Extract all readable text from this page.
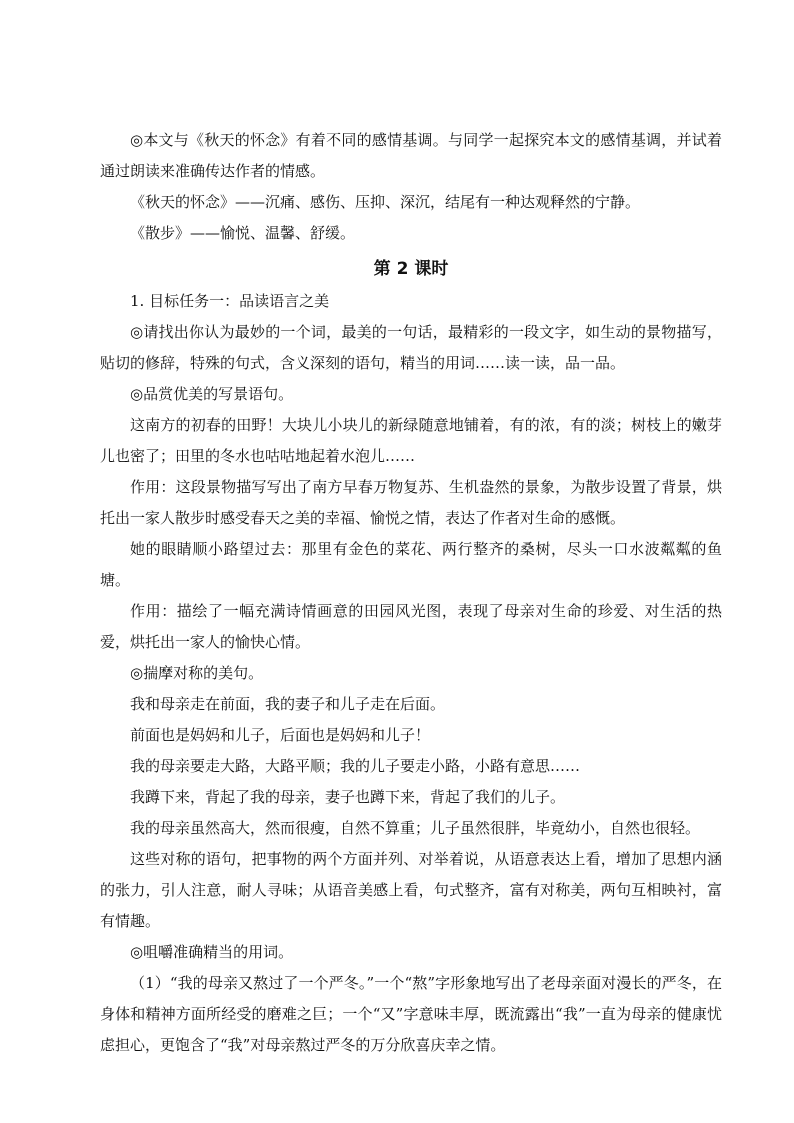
◎本文与《秋天的怀念》有着不同的感情基调。与同学一起探究本文的感情基调，并试着通过朗读来准确传达作者的情感。

《秋天的怀念》——沉痛、感伤、压抑、深沉，结尾有一种达观释然的宁静。

《散步》——愉悦、温馨、舒缓。

第 2 课时

1. 目标任务一：品读语言之美

◎请找出你认为最妙的一个词，最美的一句话，最精彩的一段文字，如生动的景物描写，贴切的修辞，特殊的句式，含义深刻的语句，精当的用词……读一读，品一品。

◎品赏优美的写景语句。

这南方的初春的田野！大块儿小块儿的新绿随意地铺着，有的浓，有的淡；树枝上的嫩芽儿也密了；田里的冬水也咕咕地起着水泡儿……

作用：这段景物描写写出了南方早春万物复苏、生机盎然的景象，为散步设置了背景，烘托出一家人散步时感受春天之美的幸福、愉悦之情，表达了作者对生命的感慨。

她的眼睛顺小路望过去：那里有金色的菜花、两行整齐的桑树，尽头一口水波粼粼的鱼塘。

作用：描绘了一幅充满诗情画意的田园风光图，表现了母亲对生命的珍爱、对生活的热爱，烘托出一家人的愉快心情。

◎揣摩对称的美句。

我和母亲走在前面，我的妻子和儿子走在后面。

前面也是妈妈和儿子，后面也是妈妈和儿子！

我的母亲要走大路，大路平顺；我的儿子要走小路，小路有意思……

我蹲下来，背起了我的母亲，妻子也蹲下来，背起了我们的儿子。

我的母亲虽然高大，然而很瘦，自然不算重；儿子虽然很胖，毕竟幼小，自然也很轻。

这些对称的语句，把事物的两个方面并列、对举着说，从语意表达上看，增加了思想内涵的张力，引人注意，耐人寻味；从语音美感上看，句式整齐，富有对称美，两句互相映衬，富有情趣。

◎咀嚼准确精当的用词。

（1）“我的母亲又熬过了一个严冬。”一个“熬”字形象地写出了老母亲面对漫长的严冬，在身体和精神方面所经受的磨难之巨；一个“又”字意味丰厚，既流露出“我”一直为母亲的健康忧虑担心，更饱含了“我”对母亲熬过严冬的万分欣喜庆幸之情。
